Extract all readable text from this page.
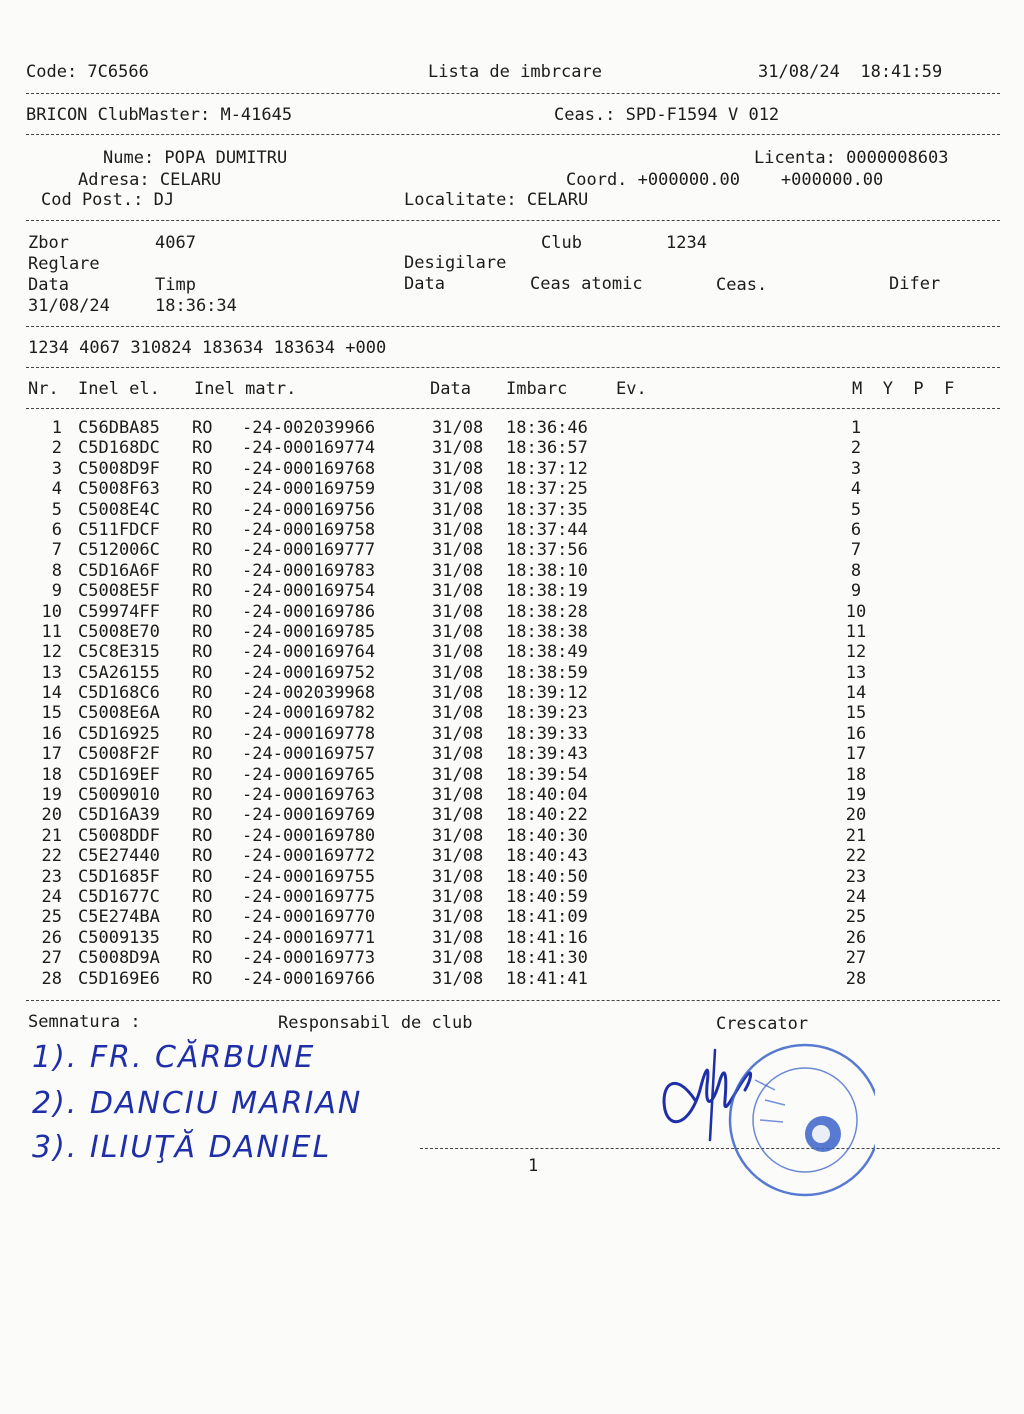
Code: 7C6566	Lista de imbrcare	31/08/24  18:41:59
BRICON ClubMaster: M-41645	Ceas.: SPD-F1594 V 012
Nume: POPA DUMITRU	Licenta: 0000008603
Adresa: CELARU	Coord. +000000.00    +000000.00
Cod Post.: DJ	Localitate: CELARU
Zbor	4067	Club	1234
Reglare	Desigilare
Data	Timp	Data	Ceas atomic	Ceas.	Difer
31/08/24	18:36:34
1234 4067 310824 183634 183634 +000
Nr. Inel el. Inel matr.	Data Imbarc	Ev.	M  Y  P  F
1 C56DBA85 RO -24-002039966	31/08 18:36:46	1
2 C5D168DC RO -24-000169774	31/08 18:36:57	2
3 C5008D9F RO -24-000169768	31/08 18:37:12	3
4 C5008F63 RO -24-000169759	31/08 18:37:25	4
5 C5008E4C RO -24-000169756	31/08 18:37:35	5
6 C511FDCF RO -24-000169758	31/08 18:37:44	6
7 C512006C RO -24-000169777	31/08 18:37:56	7
8 C5D16A6F RO -24-000169783	31/08 18:38:10	8
9 C5008E5F RO -24-000169754	31/08 18:38:19	9
10 C59974FF RO -24-000169786	31/08 18:38:28	10
11 C5008E70 RO -24-000169785	31/08 18:38:38	11
12 C5C8E315 RO -24-000169764	31/08 18:38:49	12
13 C5A26155 RO -24-000169752	31/08 18:38:59	13
14 C5D168C6 RO -24-002039968	31/08 18:39:12	14
15 C5008E6A RO -24-000169782	31/08 18:39:23	15
16 C5D16925 RO -24-000169778	31/08 18:39:33	16
17 C5008F2F RO -24-000169757	31/08 18:39:43	17
18 C5D169EF RO -24-000169765	31/08 18:39:54	18
19 C5009010 RO -24-000169763	31/08 18:40:04	19
20 C5D16A39 RO -24-000169769	31/08 18:40:22	20
21 C5008DDF RO -24-000169780	31/08 18:40:30	21
22 C5E27440 RO -24-000169772	31/08 18:40:43	22
23 C5D1685F RO -24-000169755	31/08 18:40:50	23
24 C5D1677C RO -24-000169775	31/08 18:40:59	24
25 C5E274BA RO -24-000169770	31/08 18:41:09	25
26 C5009135 RO -24-000169771	31/08 18:41:16	26
27 C5008D9A RO -24-000169773	31/08 18:41:30	27
28 C5D169E6 RO -24-000169766	31/08 18:41:41	28
Semnatura :	Responsabil de club	Crescator
1). FR. CĂRBUNE
2). DANCIU MARIAN
3). ILIUŢĂ DANIEL
1
